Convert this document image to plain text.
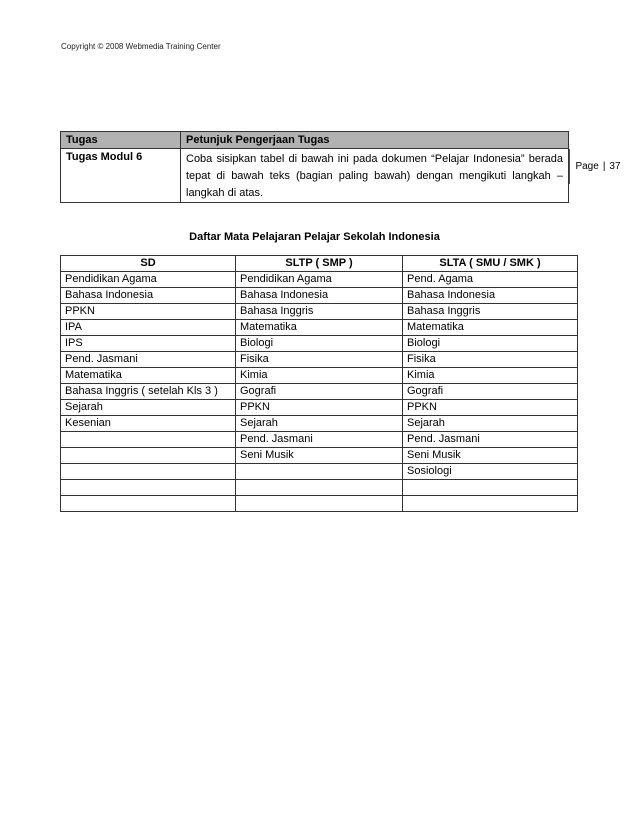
Copyright © 2008 Webmedia Training Center
Tugas	Petunjuk Pengerjaan Tugas
Tugas Modul 6	Coba sisipkan tabel di bawah ini pada dokumen “Pelajar Indonesia” berada tepat di bawah teks (bagian paling bawah) dengan mengikuti langkah – langkah di atas.
Page | 37
Daftar Mata Pelajaran Pelajar Sekolah Indonesia
SD	SLTP ( SMP )	SLTA ( SMU / SMK )
Pendidikan Agama	Pendidikan Agama	Pend. Agama
Bahasa Indonesia	Bahasa Indonesia	Bahasa Indonesia
PPKN	Bahasa Inggris	Bahasa Inggris
IPA	Matematika	Matematika
IPS	Biologi	Biologi
Pend. Jasmani	Fisika	Fisika
Matematika	Kimia	Kimia
Bahasa Inggris ( setelah Kls 3 )	Gografi	Gografi
Sejarah	PPKN	PPKN
Kesenian	Sejarah	Sejarah
	Pend. Jasmani	Pend. Jasmani
	Seni Musik	Seni Musik
		Sosiologi
